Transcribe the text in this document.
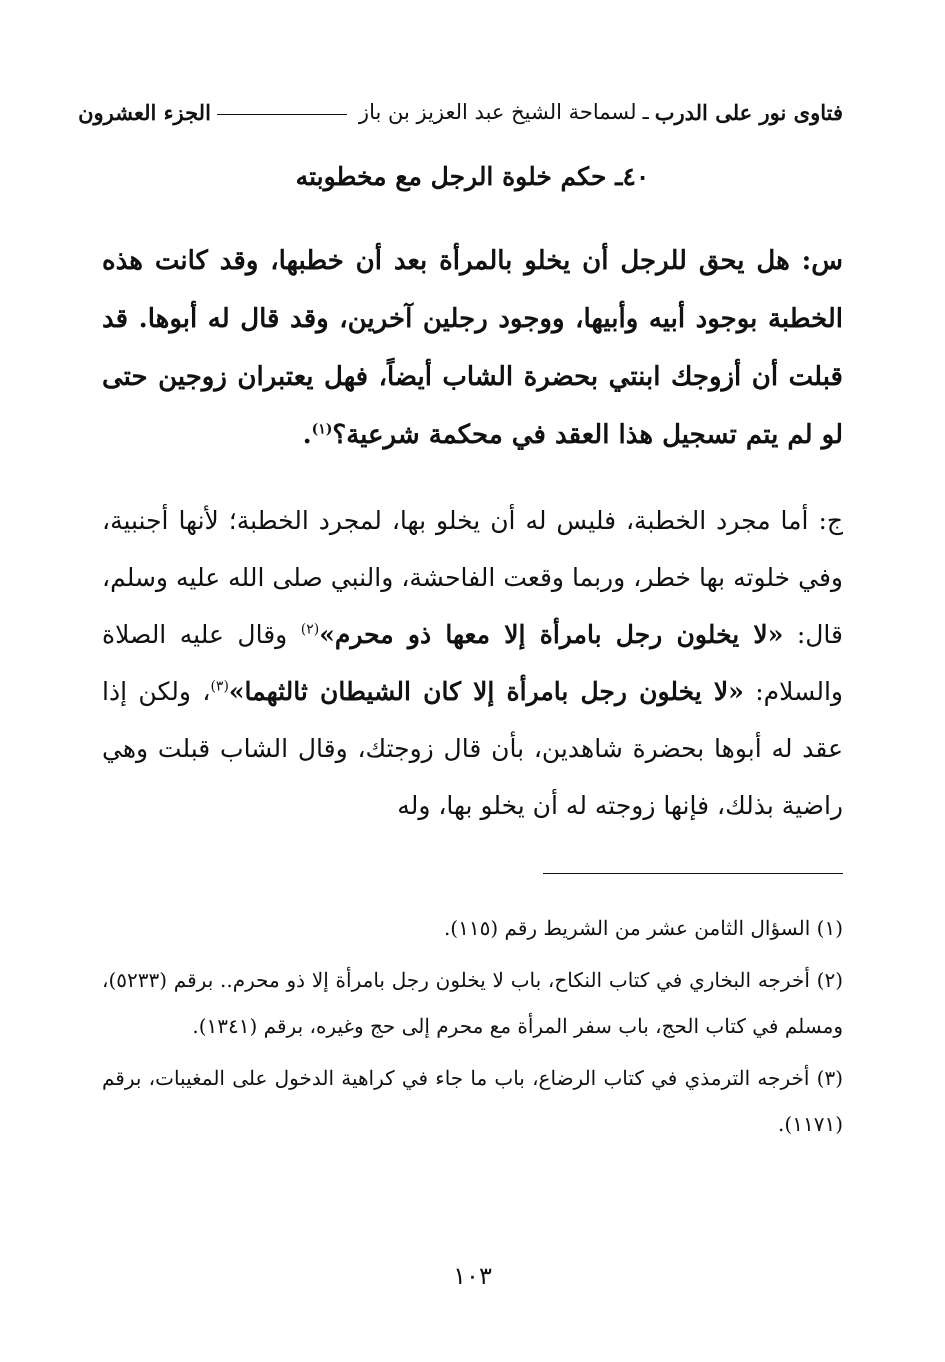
فتاوى نور على الدرب
ـ
لسماحة الشيخ عبد العزيز بن باز
الجزء العشرون
٤٠ـ حكم خلوة الرجل مع مخطوبته
س: هل يحق للرجل أن يخلو بالمرأة بعد أن خطبها، وقد كانت هذه الخطبة بوجود أبيه وأبيها، ووجود رجلين آخرين، وقد قال له أبوها. قد قبلت أن أزوجك ابنتي بحضرة الشاب أيضاً، فهل يعتبران زوجين حتى لو لم يتم تسجيل هذا العقد في محكمة شرعية؟$^{(١)}$.
ج: أما مجرد الخطبة، فليس له أن يخلو بها، لمجرد الخطبة؛ لأنها أجنبية، وفي خلوته بها خطر، وربما وقعت الفاحشة، والنبي صلى الله عليه وسلم، قال: «لا يخلون رجل بامرأة إلا معها ذو محرم»$^{(٢)}$ وقال عليه الصلاة والسلام: «لا يخلون رجل بامرأة إلا كان الشيطان ثالثهما»$^{(٣)}$، ولكن إذا عقد له أبوها بحضرة شاهدين، بأن قال زوجتك، وقال الشاب قبلت وهي راضية بذلك، فإنها زوجته له أن يخلو بها، وله
(١) السؤال الثامن عشر من الشريط رقم (١١٥).
(٢) أخرجه البخاري في كتاب النكاح، باب لا يخلون رجل بامرأة إلا ذو محرم.. برقم (٥٢٣٣)، ومسلم في كتاب الحج، باب سفر المرأة مع محرم إلى حج وغيره، برقم (١٣٤١).
(٣) أخرجه الترمذي في كتاب الرضاع، باب ما جاء في كراهية الدخول على المغيبات، برقم (١١٧١).
١٠٣
